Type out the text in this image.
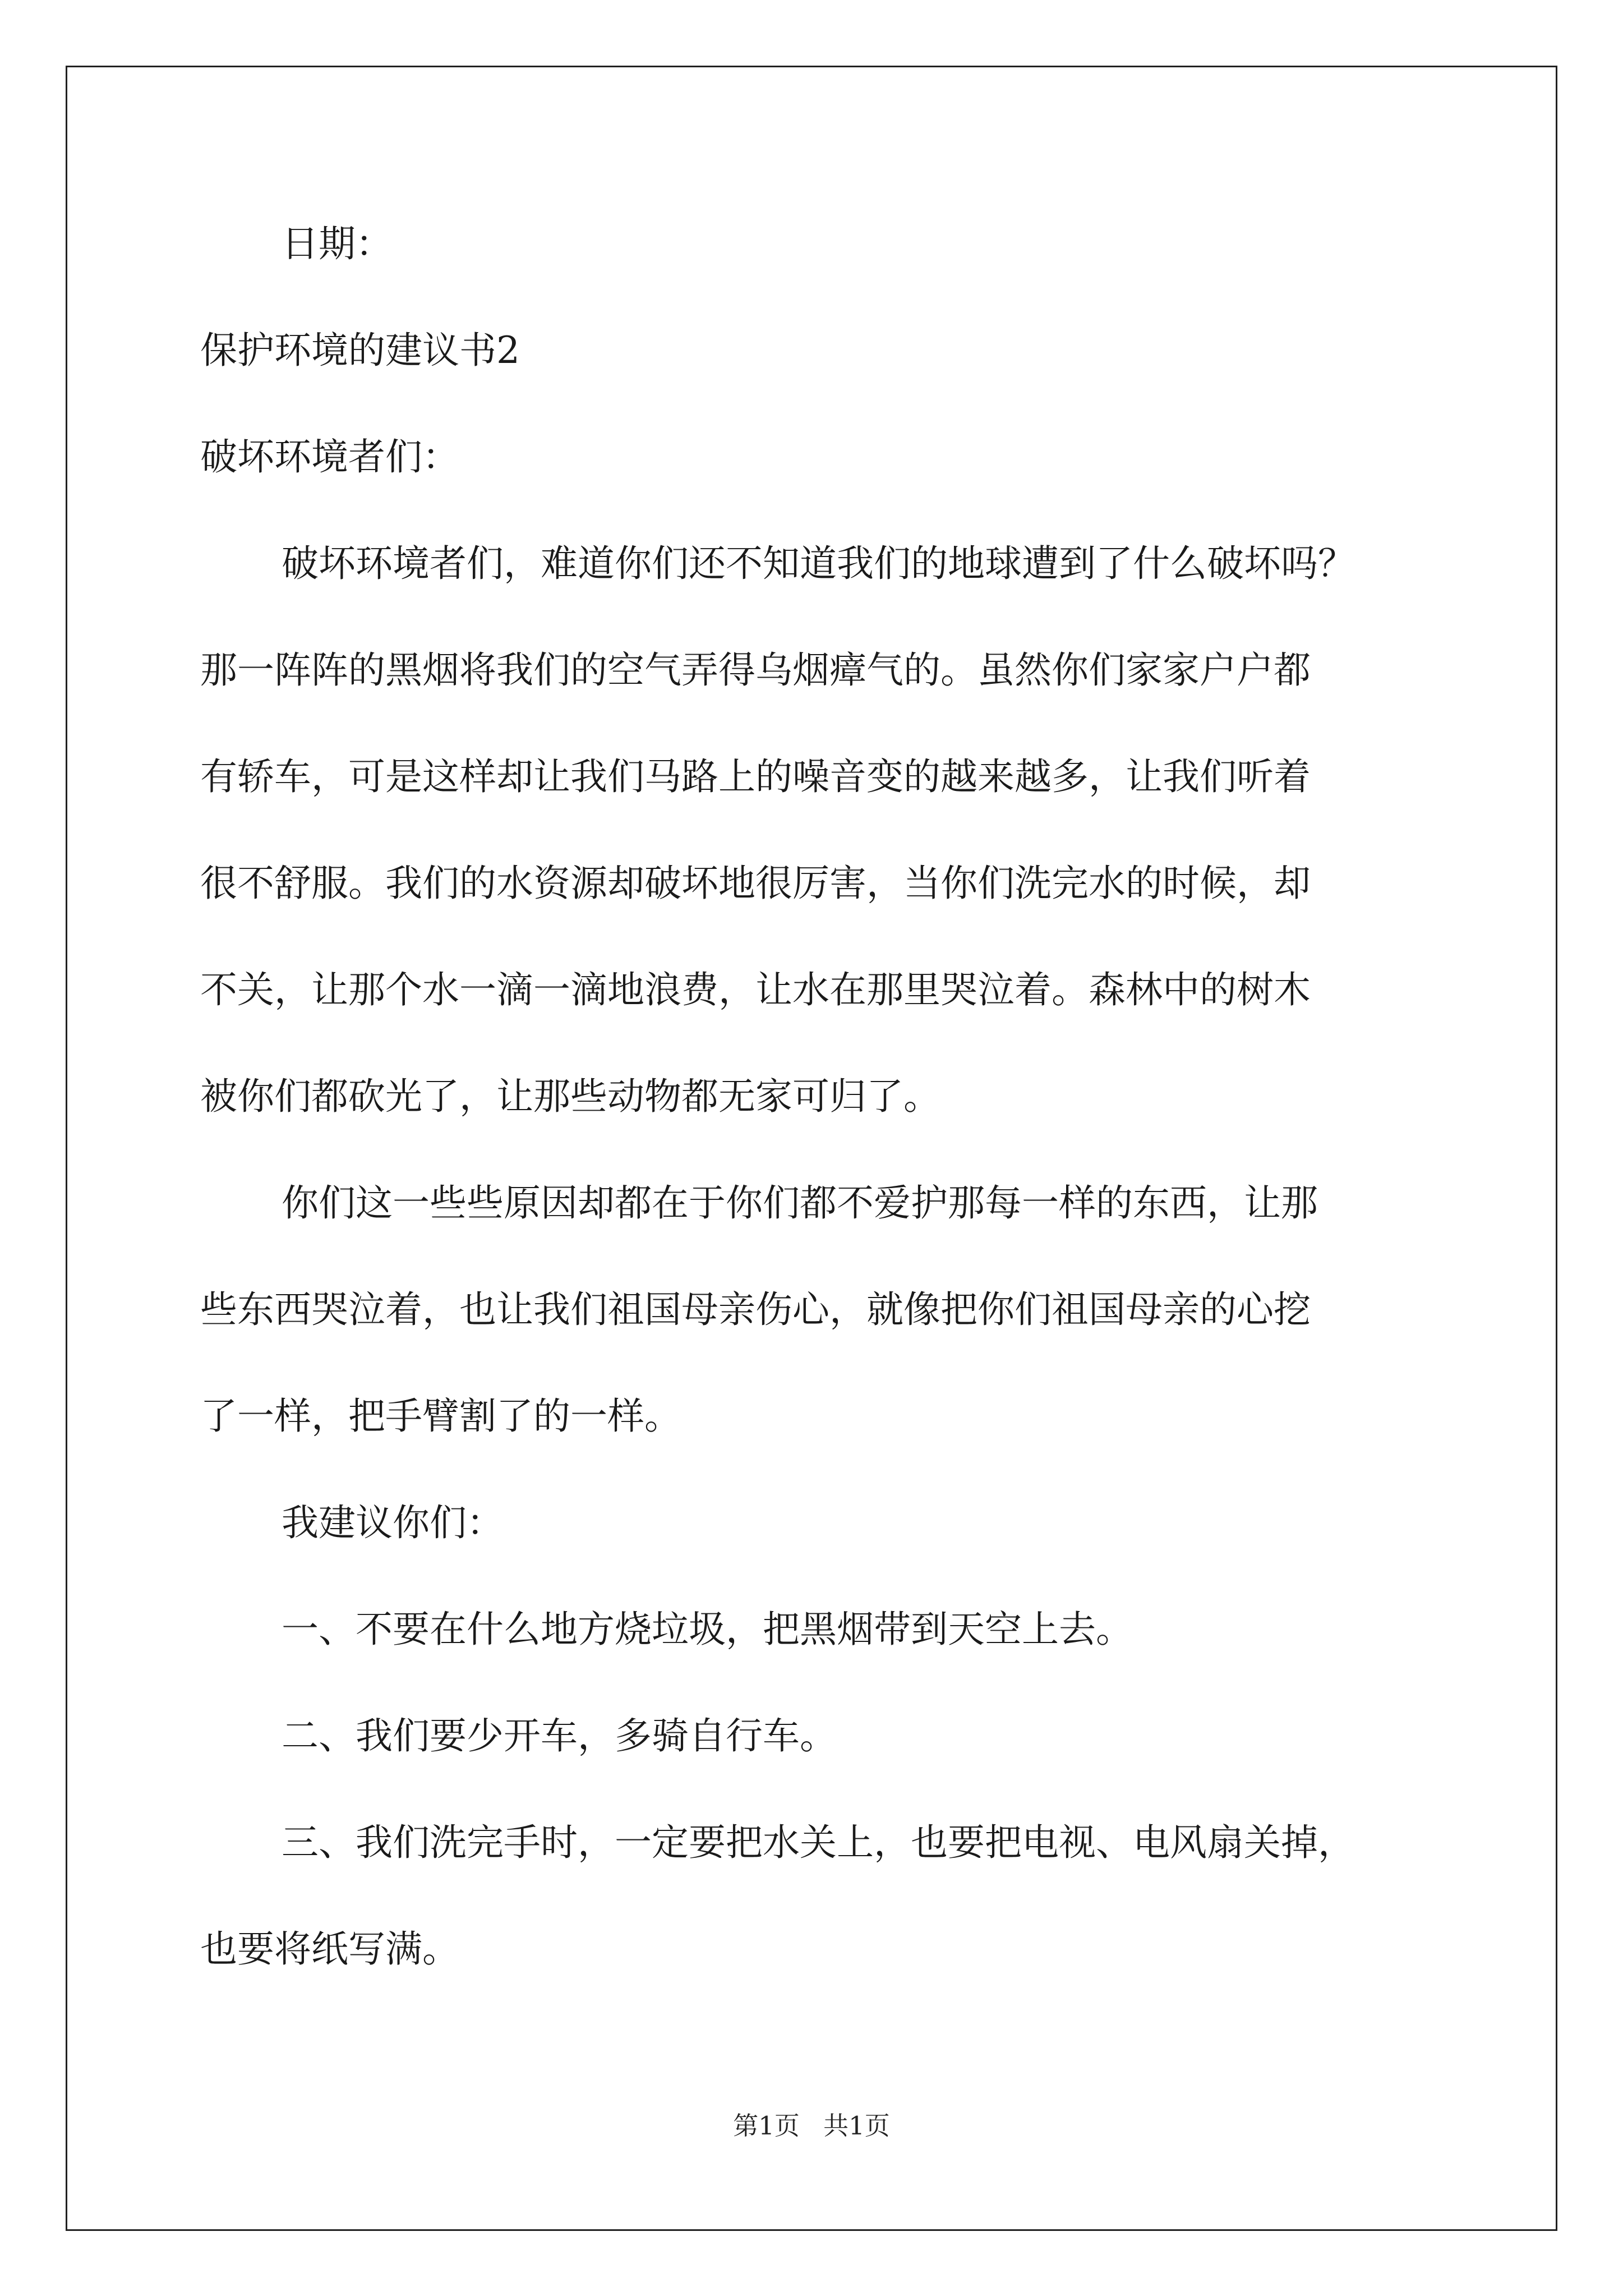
日期：
保护环境的建议书2
破坏环境者们：
破坏环境者们，难道你们还不知道我们的地球遭到了什么破坏吗？
那一阵阵的黑烟将我们的空气弄得乌烟瘴气的。虽然你们家家户户都
有轿车，可是这样却让我们马路上的噪音变的越来越多，让我们听着
很不舒服。我们的水资源却破坏地很厉害，当你们洗完水的时候，却
不关，让那个水一滴一滴地浪费，让水在那里哭泣着。森林中的树木
被你们都砍光了，让那些动物都无家可归了。
你们这一些些原因却都在于你们都不爱护那每一样的东西，让那
些东西哭泣着，也让我们祖国母亲伤心，就像把你们祖国母亲的心挖
了一样，把手臂割了的一样。
我建议你们：
一、不要在什么地方烧垃圾，把黑烟带到天空上去。
二、我们要少开车，多骑自行车。
三、我们洗完手时，一定要把水关上，也要把电视、电风扇关掉，
也要将纸写满。
第1页 共1页
